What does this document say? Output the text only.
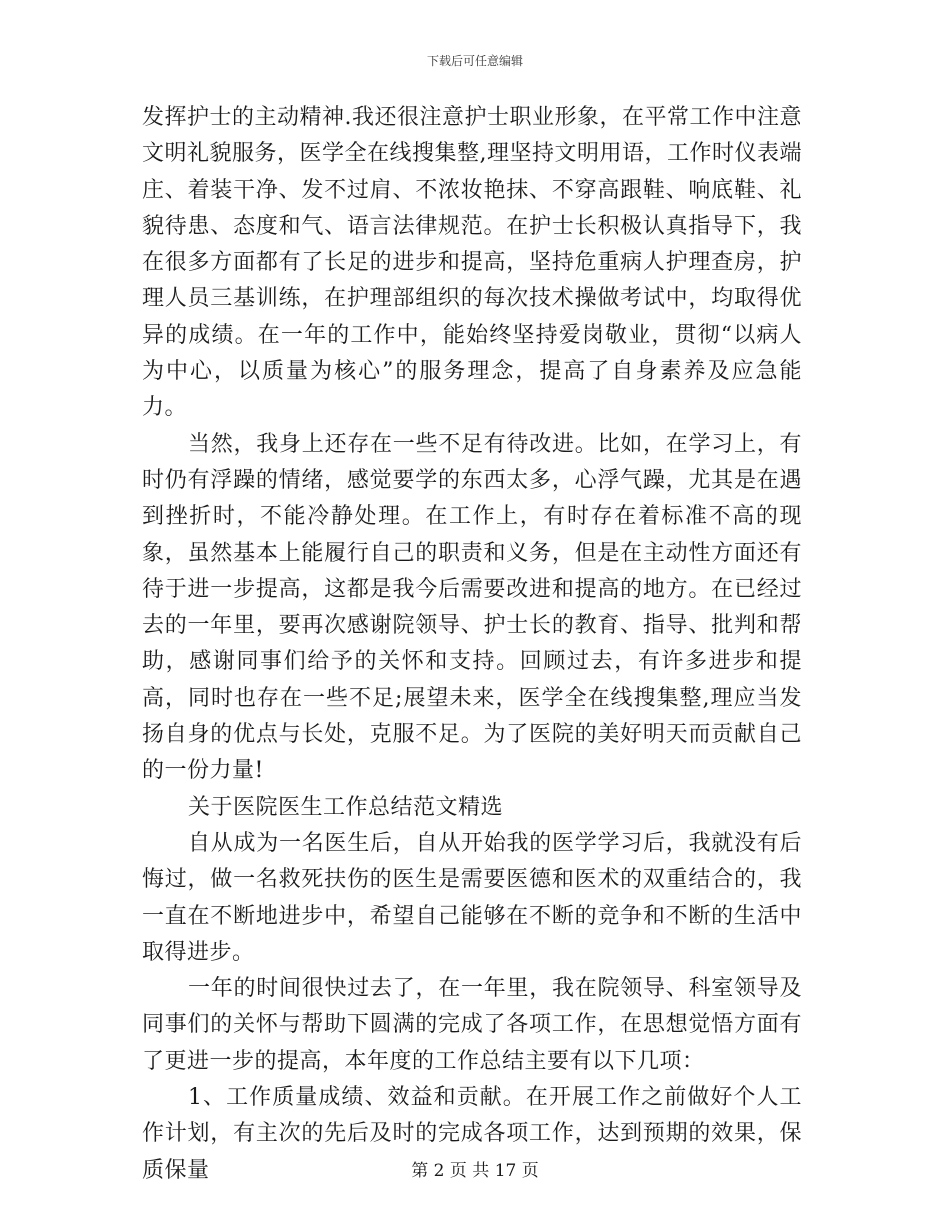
下载后可任意编辑

发挥护士的主动精神.我还很注意护士职业形象，在平常工作中注意文明礼貌服务，医学全在线搜集整,理坚持文明用语，工作时仪表端庄、着装干净、发不过肩、不浓妆艳抹、不穿高跟鞋、响底鞋、礼貌待患、态度和气、语言法律规范。在护士长积极认真指导下，我在很多方面都有了长足的进步和提高，坚持危重病人护理查房，护理人员三基训练，在护理部组织的每次技术操做考试中，均取得优异的成绩。在一年的工作中，能始终坚持爱岗敬业，贯彻“以病人为中心，以质量为核心”的服务理念，提高了自身素养及应急能力。

当然，我身上还存在一些不足有待改进。比如，在学习上，有时仍有浮躁的情绪，感觉要学的东西太多，心浮气躁，尤其是在遇到挫折时，不能冷静处理。在工作上，有时存在着标准不高的现象，虽然基本上能履行自己的职责和义务，但是在主动性方面还有待于进一步提高，这都是我今后需要改进和提高的地方。在已经过去的一年里，要再次感谢院领导、护士长的教育、指导、批判和帮助，感谢同事们给予的关怀和支持。回顾过去，有许多进步和提高，同时也存在一些不足;展望未来，医学全在线搜集整,理应当发扬自身的优点与长处，克服不足。为了医院的美好明天而贡献自己的一份力量!

关于医院医生工作总结范文精选

自从成为一名医生后，自从开始我的医学学习后，我就没有后悔过，做一名救死扶伤的医生是需要医德和医术的双重结合的，我一直在不断地进步中，希望自己能够在不断的竞争和不断的生活中取得进步。

一年的时间很快过去了，在一年里，我在院领导、科室领导及同事们的关怀与帮助下圆满的完成了各项工作，在思想觉悟方面有了更进一步的提高，本年度的工作总结主要有以下几项：

1、工作质量成绩、效益和贡献。在开展工作之前做好个人工作计划，有主次的先后及时的完成各项工作，达到预期的效果，保质保量	第 2 页 共 17 页
